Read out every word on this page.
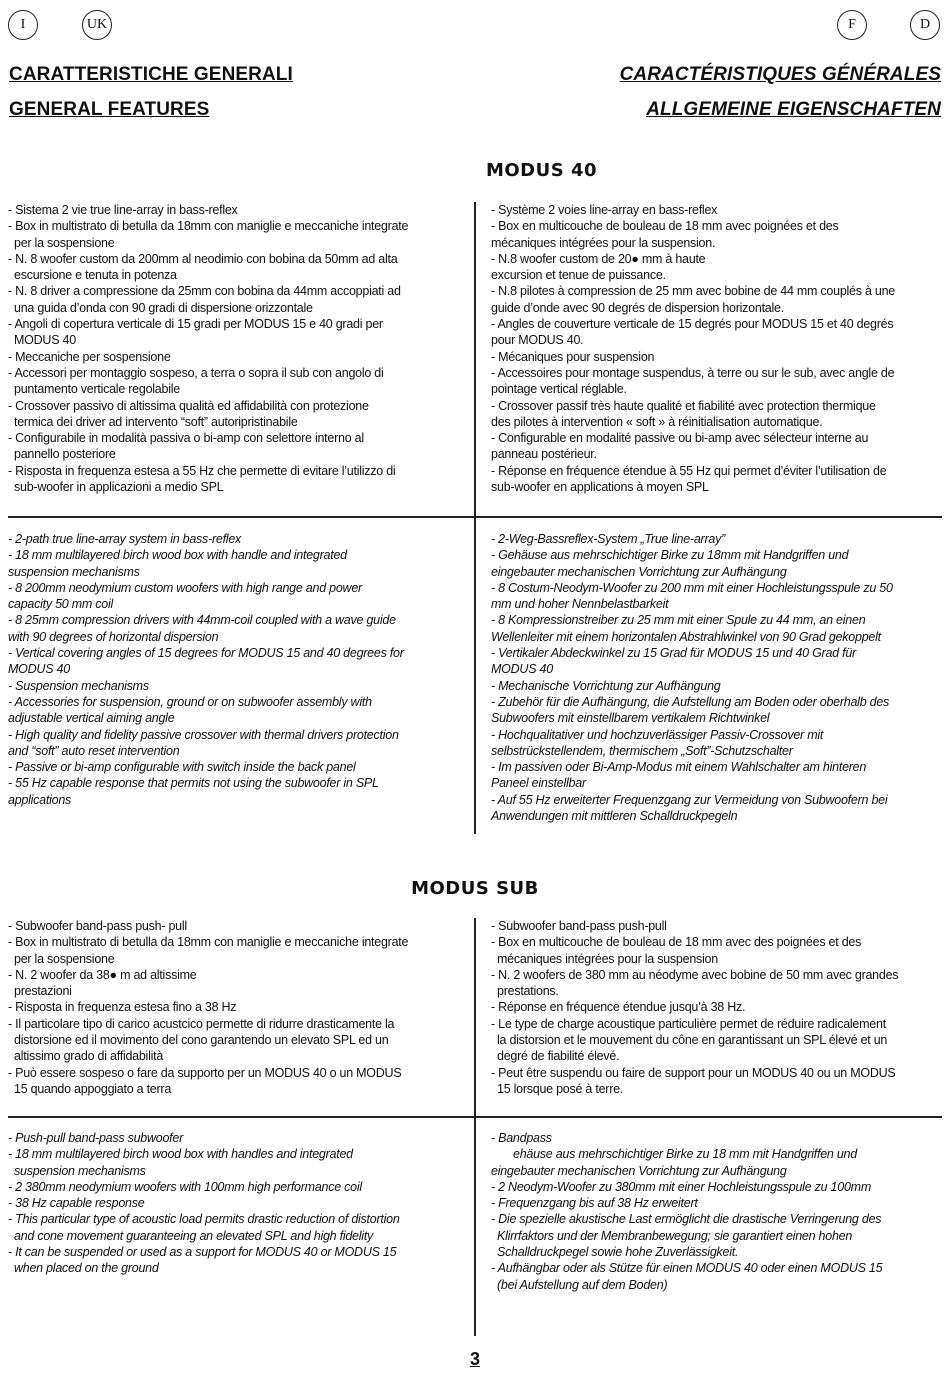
I	UK	F	D
CARATTERISTICHE GENERALI
GENERAL FEATURES
CARACTÉRISTIQUES GÉNÉRALES
ALLGEMEINE EIGENSCHAFTEN
MODUS 40

- Sistema 2 vie true line-array in bass-reflex

- Box in multistrato di betulla da 18mm con maniglie e meccaniche integrate

per la sospensione

- N. 8 woofer custom da 200mm al neodimio con bobina da 50mm ad alta

escursione e tenuta in potenza

- N. 8 driver a compressione da 25mm con bobina da 44mm accoppiati ad

una guida d’onda con 90 gradi di dispersione orizzontale

- Angoli di copertura verticale di 15 gradi per MODUS 15 e 40 gradi per

MODUS 40

- Meccaniche per sospensione

- Accessori per montaggio sospeso, a terra o sopra il sub con angolo di

puntamento verticale regolabile

- Crossover passivo di altissima qualità ed affidabilità con protezione

termica dei driver ad intervento “soft” autoripristinabile

- Configurabile in modalità passiva o bi-amp con selettore interno al

pannello posteriore

- Risposta in frequenza estesa a 55 Hz che permette di evitare l’utilizzo di

sub-woofer in applicazioni a medio SPL

- Système 2 voies line-array en bass-reflex

- Box en multicouche de bouleau de 18 mm avec poignées et des

mécaniques intégrées pour la suspension.

- N.8 woofer custom de 20● mm à haute

excursion et tenue de puissance.

- N.8 pilotes à compression de 25 mm avec bobine de 44 mm couplés à une

guide d’onde avec 90 degrés de dispersion horizontale.

- Angles de couverture verticale de 15 degrés pour MODUS 15 et 40 degrés

pour MODUS 40.

- Mécaniques pour suspension

- Accessoires pour montage suspendus, à terre ou sur le sub, avec angle de

pointage vertical réglable.

- Crossover passif très haute qualité et fiabilité avec protection thermique

des pilotes à intervention « soft » à réinitialisation automatique.

- Configurable en modalité passive ou bi-amp avec sélecteur interne au

panneau postérieur.

- Réponse en fréquence étendue à 55 Hz qui permet d’éviter l’utilisation de

sub-woofer en applications à moyen SPL

- 2-path true line-array system in bass-reflex

- 18 mm multilayered birch wood box with handle and integrated

suspension mechanisms

- 8 200mm neodymium custom woofers with high range and power

capacity 50 mm coil

- 8 25mm compression drivers with 44mm-coil coupled with a wave guide

with 90 degrees of horizontal dispersion

- Vertical covering angles of 15 degrees for MODUS 15 and 40 degrees for

MODUS 40

- Suspension mechanisms

- Accessories for suspension, ground or on subwoofer assembly with

adjustable vertical aiming angle

- High quality and fidelity passive crossover with thermal drivers protection

and “soft” auto reset intervention

- Passive or bi-amp configurable with switch inside the back panel

- 55 Hz capable response that permits not using the subwoofer in SPL

applications

- 2-Weg-Bassreflex-System „True line-array”

- Gehäuse aus mehrschichtiger Birke zu 18mm mit Handgriffen und

eingebauter mechanischen Vorrichtung zur Aufhängung

- 8 Costum-Neodym-Woofer zu 200 mm mit einer Hochleistungsspule zu 50

mm und hoher Nennbelastbarkeit

- 8 Kompressionstreiber zu 25 mm mit einer Spule zu 44 mm, an einen

Wellenleiter mit einem horizontalen Abstrahlwinkel von 90 Grad gekoppelt

- Vertikaler Abdeckwinkel zu 15 Grad für MODUS 15 und 40 Grad für

MODUS 40

- Mechanische Vorrichtung zur Aufhängung

- Zubehör für die Aufhängung, die Aufstellung am Boden oder oberhalb des

Subwoofers mit einstellbarem vertikalem Richtwinkel

- Hochqualitativer und hochzuverlässiger Passiv-Crossover mit

selbstrückstellendem, thermischem „Soft”-Schutzschalter

- Im passiven oder Bi-Amp-Modus mit einem Wahlschalter am hinteren

Paneel einstellbar

- Auf 55 Hz erweiterter Frequenzgang zur Vermeidung von Subwoofern bei

Anwendungen mit mittleren Schalldruckpegeln

MODUS SUB

- Subwoofer band-pass push- pull

- Box in multistrato di betulla da 18mm con maniglie e meccaniche integrate

per la sospensione

- N. 2 woofer da 38● m ad altissime

prestazioni

- Risposta in frequenza estesa fino a 38 Hz

- Il particolare tipo di carico acustcico permette di ridurre drasticamente la

distorsione ed il movimento del cono garantendo un elevato SPL ed un

altissimo grado di affidabilità

- Può essere sospeso o fare da supporto per un MODUS 40 o un MODUS

15 quando appoggiato a terra

- Subwoofer band-pass push-pull

- Box en multicouche de bouleau de 18 mm avec des poignées et des

mécaniques intégrées pour la suspension

- N. 2 woofers de 380 mm au néodyme avec bobine de 50 mm avec grandes

prestations.

- Réponse en fréquence étendue jusqu’à 38 Hz.

- Le type de charge acoustique particulière permet de réduire radicalement

la distorsion et le mouvement du cône en garantissant un SPL élevé et un

degré de fiabilité élevé.

- Peut être suspendu ou faire de support pour un MODUS 40 ou un MODUS

15 lorsque posé à terre.

- Push-pull band-pass subwoofer

- 18 mm multilayered birch wood box with handles and integrated

suspension mechanisms

- 2 380mm neodymium woofers with 100mm high performance coil

- 38 Hz capable response

- This particular type of acoustic load permits drastic reduction of distortion

and cone movement guaranteeing an elevated SPL and high fidelity

- It can be suspended or used as a support for MODUS 40 or MODUS 15

when placed on the ground

- Bandpass

ehäuse aus mehrschichtiger Birke zu 18 mm mit Handgriffen und

eingebauter mechanischen Vorrichtung zur Aufhängung

- 2 Neodym-Woofer zu 380mm mit einer Hochleistungsspule zu 100mm

- Frequenzgang bis auf 38 Hz erweitert

- Die spezielle akustische Last ermöglicht die drastische Verringerung des

Klirrfaktors und der Membranbewegung; sie garantiert einen hohen

Schalldruckpegel sowie hohe Zuverlässigkeit.

- Aufhängbar oder als Stütze für einen MODUS 40 oder einen MODUS 15

(bei Aufstellung auf dem Boden)

3
